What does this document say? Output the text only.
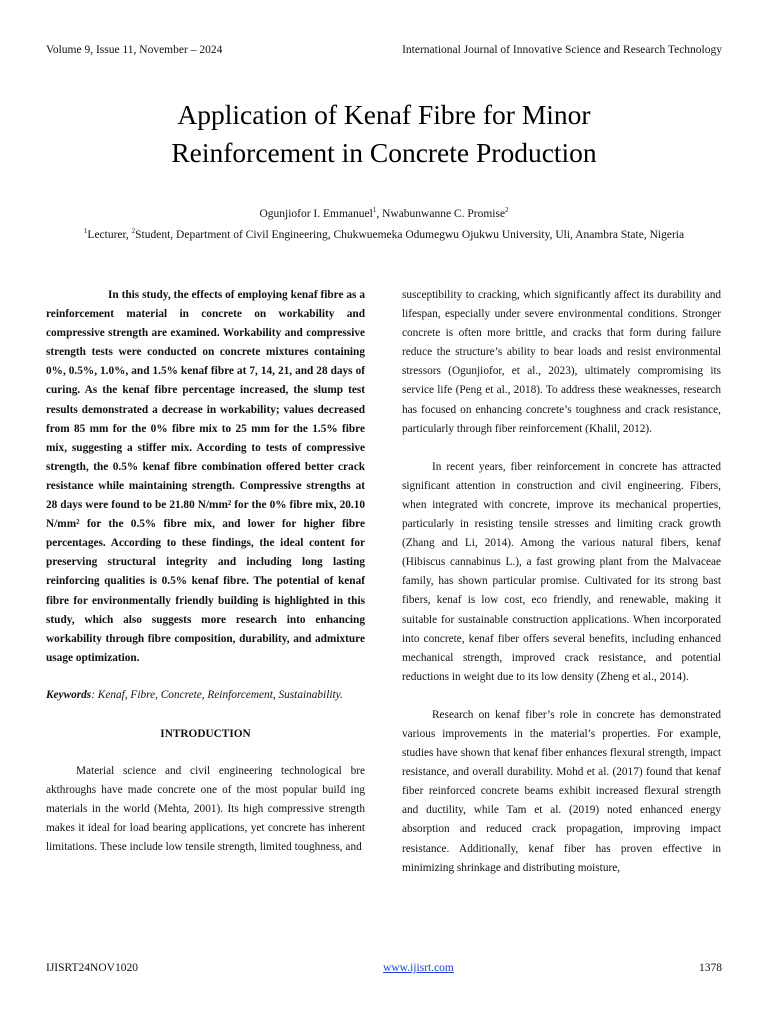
Volume 9, Issue 11, November – 2024	International Journal of Innovative Science and Research Technology
Application of Kenaf Fibre for Minor
Reinforcement in Concrete Production
Ogunjiofor I. Emmanuel$^1$, Nwabunwanne C. Promise$^2$
$^1$Lecturer, $^2$Student, Department of Civil Engineering, Chukwuemeka Odumegwu Ojukwu University, Uli, Anambra State, Nigeria

In this study, the effects of employing kenaf fibre as a reinforcement material in concrete on workability and compressive strength are examined. Workability and compressive strength tests were conducted on concrete mixtures containing 0%, 0.5%, 1.0%, and 1.5% kenaf fibre at 7, 14, 21, and 28 days of curing. As the kenaf fibre percentage increased, the slump test results demonstrated a decrease in workability; values decreased from 85 mm for the 0% fibre mix to 25 mm for the 1.5% fibre mix, suggesting a stiffer mix. According to tests of compressive strength, the 0.5% kenaf fibre combination offered better crack resistance while maintaining strength. Compressive strengths at 28 days were found to be 21.80 N/mm² for the 0% fibre mix, 20.10 N/mm² for the 0.5% fibre mix, and lower for higher fibre percentages. According to these findings, the ideal content for preserving structural integrity and including long lasting reinforcing qualities is 0.5% kenaf fibre. The potential of kenaf fibre for environmentally friendly building is highlighted in this study, which also suggests more research into enhancing workability through fibre composition, durability, and admixture usage optimization.

Keywords: Kenaf, Fibre, Concrete, Reinforcement, Sustainability.

INTRODUCTION

Material science and civil engineering technological bre akthroughs have made concrete one of the most popular build ing materials in the world (Mehta, 2001). Its high compressive strength makes it ideal for load bearing applications, yet concrete has inherent limitations. These include low tensile strength, limited toughness, and

susceptibility to cracking, which significantly affect its durability and lifespan, especially under severe environmental conditions. Stronger concrete is often more brittle, and cracks that form during failure reduce the structure’s ability to bear loads and resist environmental stressors (Ogunjiofor, et al., 2023), ultimately compromising its service life (Peng et al., 2018). To address these weaknesses, research has focused on enhancing concrete’s toughness and crack resistance, particularly through fiber reinforcement (Khalil, 2012).

In recent years, fiber reinforcement in concrete has attracted significant attention in construction and civil engineering. Fibers, when integrated with concrete, improve its mechanical properties, particularly in resisting tensile stresses and limiting crack growth (Zhang and Li, 2014). Among the various natural fibers, kenaf (Hibiscus cannabinus L.), a fast growing plant from the Malvaceae family, has shown particular promise. Cultivated for its strong bast fibers, kenaf is low cost, eco friendly, and renewable, making it suitable for sustainable construction applications. When incorporated into concrete, kenaf fiber offers several benefits, including enhanced mechanical strength, improved crack resistance, and potential reductions in weight due to its low density (Zheng et al., 2014).

Research on kenaf fiber’s role in concrete has demonstrated various improvements in the material’s properties. For example, studies have shown that kenaf fiber enhances flexural strength, impact resistance, and overall durability. Mohd et al. (2017) found that kenaf fiber reinforced concrete beams exhibit increased flexural strength and ductility, while Tam et al. (2019) noted enhanced energy absorption and reduced crack propagation, improving impact resistance. Additionally, kenaf fiber has proven effective in minimizing shrinkage and distributing moisture,

IJISRT24NOV1020	www.ijisrt.com	1378
